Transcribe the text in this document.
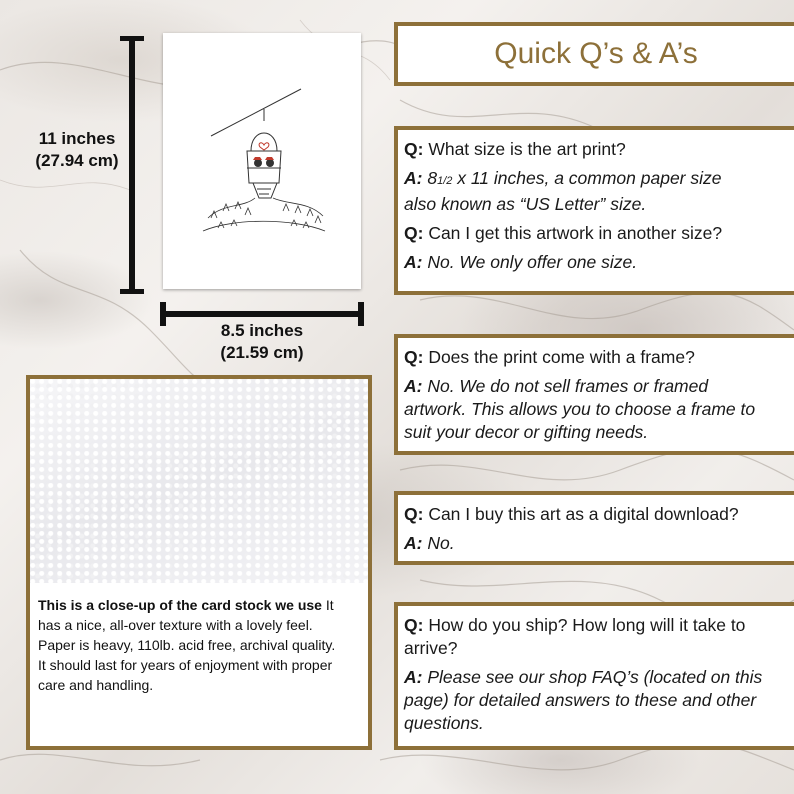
11 inches
(27.94 cm)
8.5 inches
(21.59 cm)
This is a close-up of the card stock we use It has a nice, all-over texture with a lovely feel.
Paper is heavy, 110lb. acid free, archival quality.
It should last for years of enjoyment with proper care and handling.
Quick Q’s & A’s

Q: What size is the art print?

A: 81/2 x 11 inches, a common paper size
also known as “US Letter” size.

Q: Can I get this artwork in another size?

A: No. We only offer one size.

Q: Does the print come with a frame?

A: No. We do not sell frames or framed artwork. This allows you to choose a frame to suit your decor or gifting needs.

Q: Can I buy this art as a digital download?

A: No.

Q: How do you ship? How long will it take to arrive?

A: Please see our shop FAQ’s (located on this page) for detailed answers to these and other questions.
